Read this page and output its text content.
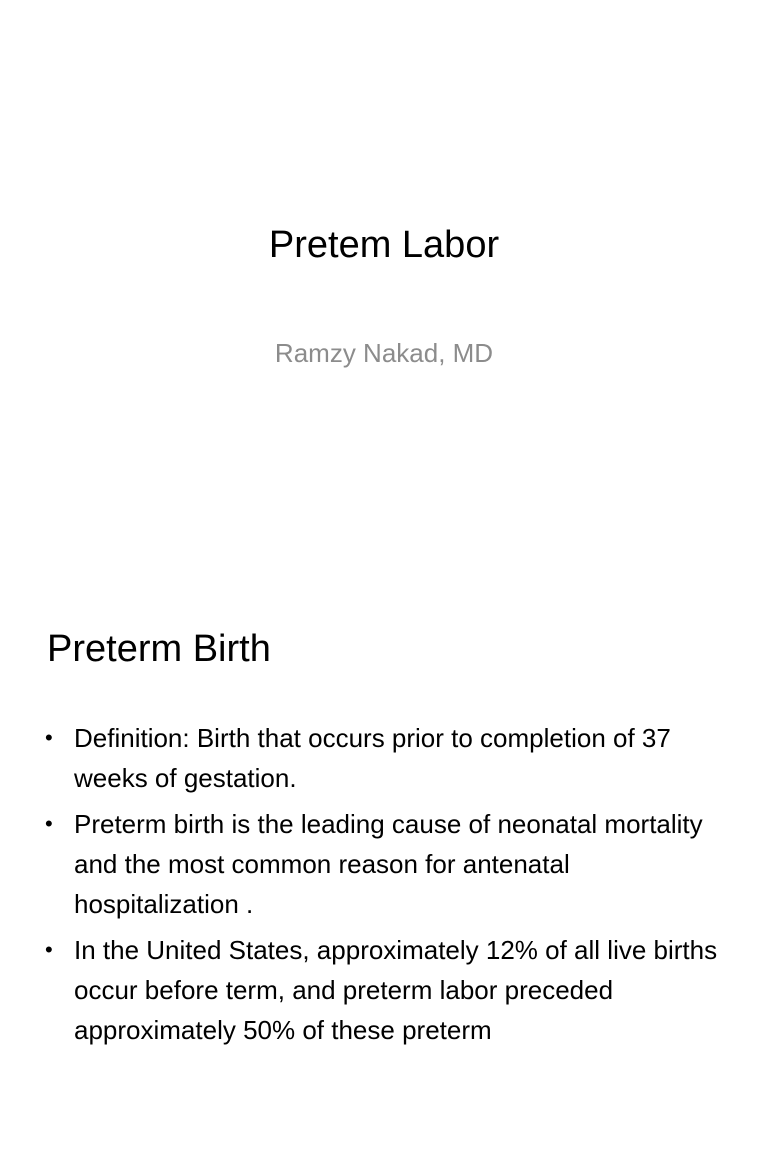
Pretem Labor
Ramzy Nakad, MD
Preterm Birth
• Definition: Birth that occurs prior to completion of 37 weeks of gestation.
• Preterm birth is the leading cause of neonatal mortality and the most common reason for antenatal hospitalization .
• In the United States, approximately 12% of all live births occur before term, and preterm labor preceded approximately 50% of these preterm
